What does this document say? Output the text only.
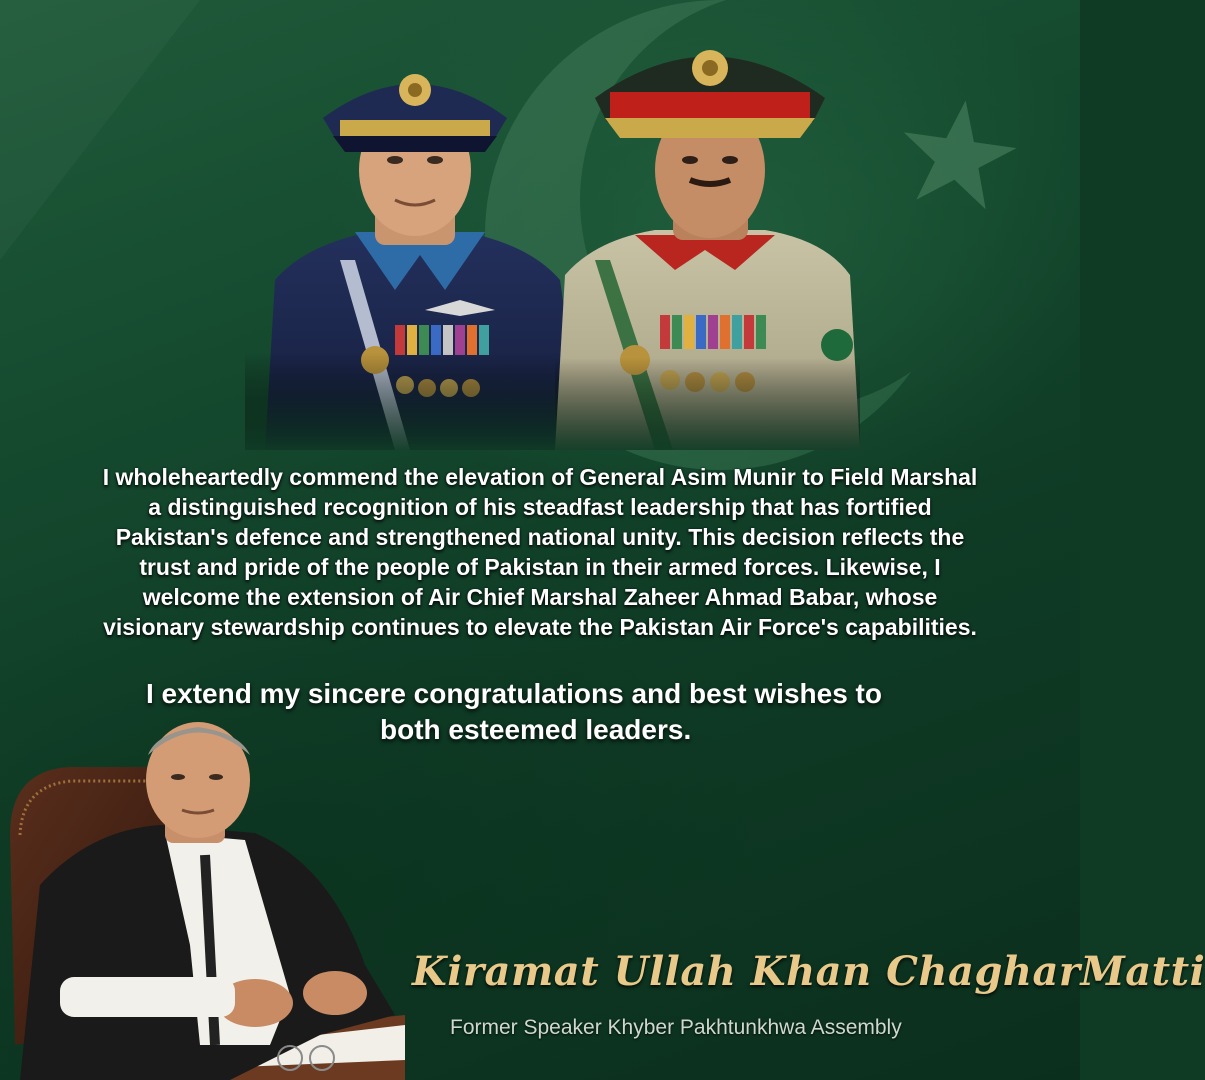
I wholeheartedly commend the elevation of General Asim Munir to Field Marshal
a distinguished recognition of his steadfast leadership that has fortified
Pakistan's defence and strengthened national unity. This decision reflects the
trust and pride of the people of Pakistan in their armed forces. Likewise, I
welcome the extension of Air Chief Marshal Zaheer Ahmad Babar, whose
visionary stewardship continues to elevate the Pakistan Air Force's capabilities.
I extend my sincere congratulations and best wishes to
both esteemed leaders.
Kiramat Ullah Khan ChagharMatti
Former Speaker Khyber Pakhtunkhwa Assembly
